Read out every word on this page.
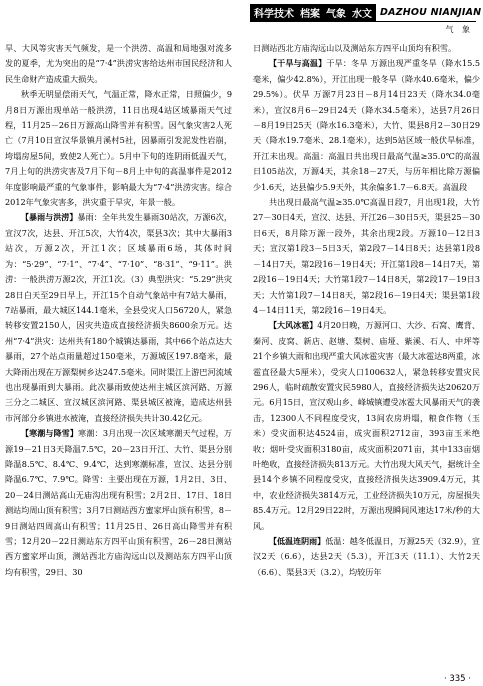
科学技术 档案 气象 水文 DAZHOU NIANJIAN
气 象

旱、大风等灾害天气频发，是一个洪涝、高温和局地强对流多发的夏季，尤为突出的是“7·4”洪涝灾害给达州市国民经济和人民生命财产造成重大损失。

秋季无明显偿雨天气，气温正常，降水正常，日照偏少，9月8日万源出现单站一般洪涝，11日出现4站区域暴雨天气过程，11月25－26日万源高山降雪并有积雪。因气象灾害2人死亡（7月10日宣汉华景镇月溪村5社，因暴雨引发泥发性岩崩，垮塌房屋5间，致使2人死亡）。5月中下旬的连阴雨低温天气，7月上旬的洪涝灾害及7月下旬－8月上中旬的高温事件是2012年度影响最严重的气象事件，影响最大为“7·4”洪涝灾害。综合2012年气象灾害多，洪灾重于旱灾，年景一般。

【暴雨与洪涝】暴雨：全年共发生暴雨30站次，万源6次，宣汉7次，达县、开江5次，大竹4次，渠县3次；其中大暴雨3站次，万源2次，开江1次；区域暴雨6场，其体时间为：“5·29”、“7·1”、“7·4”、“7·10”、“8·31”、“9·11”。洪涝：一般洪涝万源2次，开江1次。（3）典型洪灾：“5.29”洪灾28日白天至29日早上，开江15个自动气象站中有7站大暴雨，7站暴雨，最大城区144.1毫米，全县受灾人口56720人，紧急转移安置2150人，因灾共造成直接经济损失8600余万元。达州“7·4”洪灾：达州共有180个城镇达暴雨，其中66个站点达大暴雨，27个站点雨量超过150毫米，万源城区197.8毫米，最大降雨出现在万源梨树乡达247.5毫米。同时渠江上游巴河流域也出现暴雨到大暴雨。此次暴雨致使达州主城区滨河路、万源三分之二城区、宣汉城区滨河路、渠县城区被淹，造成达州县市河部分乡镇进水被淹，直接经济损失共计30.42亿元。

【寒潮与降雪】寒潮：3月出现一次区域寒潮天气过程，万源19－21日3天降温7.5℃，20－23日开江、大竹、渠县分别降温8.5℃、8.4℃、9.4℃，达到寒潮标准，宣汉、达县分别降温6.7℃、7.9℃。降雪：主要出现在万源，1月2日、3日、20－24日测站高山无庙沟出现有积雪；2月2日、17日、18日测站均周山顶有积雪；3月7日测站西方蜜家坪山顶有积雪，8－9日测站四周高山有积雪；11月25日、26日高山降雪并有积雪；12月20－22日测站东方四平山顶有积雪，26－28日测站西方蜜家坪山顶，测站西北方庙沟远山以及测站东方四平山顶均有积雪，29日、30

日测站西北方庙沟远山以及测站东方四平山顶均有积雪。

【干旱与高温】干旱：冬旱 万源出现严重冬旱（降水15.5毫米，偏少42.8%），开江出现一般冬旱（降水40.6毫米，偏少29.5%）。伏旱 万源7月23日－8月14日23天（降水34.0毫米），宣汉8月6－29日24天（降水34.5毫米），达县7月26日－8月19日25天（降水16.3毫米），大竹、渠县8月2－30日29天（降水19.7毫米、28.1毫米），达到5站区域一般伏旱标准，开江未出现。高温：高温日共出现日最高气温≥35.0℃的高温日105站次，万源4天，其余18－27天，与历年相比除万源偏少1.6天，达县偏少5.9天外，其余偏多1.7－6.8天。高温段

共出现日最高气温≥35.0℃高温日段7，月出现1段，大竹27－30日4天，宣汉、达县、开江26－30日5天，渠县25－30日6天，8月除万源一段外，其余出现2段。万源10－12日3天；宣汉第1段3－5日3天，第2段7－14日8天；达县第1段8－14日7天，第2段16－19日4天；开江第1段8－14日7天，第2段16－19日4天；大竹第1段7－14日8天，第2段17－19日3天；大竹第1段7－14日8天，第2段16－19日4天；渠县第1段4－14日11天，第2段16－19日4天。

【大风冰雹】4月20日晚，万源河口、大沙、石窝、鹰背、秦河、皮窝、新店、赵塘、梨树、庙垭、紫溪、石人、中坪等21个乡镇大雨和出现严重大风冰雹灾害（最大冰雹达8两重，冰雹直径最大5厘米），受灾人口100632人，紧急转移安置灾民296人，临时疏散安置灾民5980人，直接经济损失达20620万元。6月15日，宣汉观山乡、峰城镇遭受冰雹大风暴雨天气的袭击，12300人不同程度受灾，13间农房坍塌，粮食作物（玉米）受灾面积达4524亩，成灾面积2712亩，393亩玉米绝收；烟叶受灾面积3180亩，成灾面积2071亩，其中133亩烟叶绝收，直接经济损失813万元。大竹出现大风天气，据统计全县14个乡镇不同程度受灾，直接经济损失达3909.4万元，其中，农业经济损失3814万元，工业经济损失10万元，房屋损失85.4万元。12月29日22时，万源出现瞬间风速达17米/秒的大风。

【低温连阴雨】低温：越冬低温日，万源25天（32.9），宣汉2天（6.6），达县2天（5.3），开江3天（11.1）、大竹2天（6.6）、渠县3天（3.2），均较历年

· 335 ·
